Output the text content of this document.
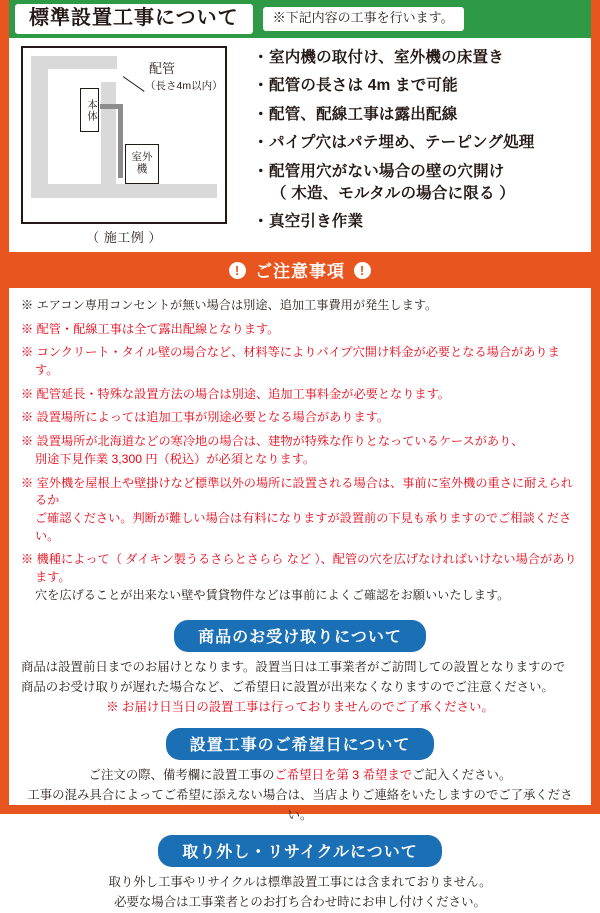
標準設置工事について	※下記内容の工事を行います。
本体
配管
（長さ4m以内）
室外機
（ 施工例 ）
・ 室内機の取付け、室外機の床置き
・ 配管の長さは 4m まで可能
・ 配管、配線工事は露出配線
・ パイプ穴はパテ埋め、テーピング処理
・ 配管用穴がない場合の壁の穴開け
（ 木造、モルタルの場合に限る ）
・ 真空引き作業
! ご注意事項 !
※ エアコン専用コンセントが無い場合は別途、追加工事費用が発生します。
※ 配管・配線工事は全て露出配線となります。
※ コンクリート・タイル壁の場合など、材料等によりパイプ穴開け料金が必要となる場合があります。
※ 配管延長・特殊な設置方法の場合は別途、追加工事料金が必要となります。
※ 設置場所によっては追加工事が別途必要となる場合があります。
※ 設置場所が北海道などの寒冷地の場合は、建物が特殊な作りとなっているケースがあり、
別途下見作業 3,300 円（税込）が必須となります。
※ 室外機を屋根上や壁掛けなど標準以外の場所に設置される場合は、事前に室外機の重さに耐えられるか
ご確認ください。判断が難しい場合は有料になりますが設置前の下見も承りますのでご相談ください。
※ 機種によって（ ダイキン製うるさらとさらら など ）、配管の穴を広げなければいけない場合があります。
穴を広げることが出来ない壁や賃貸物件などは事前によくご確認をお願いいたします。
商品のお受け取りについて
商品は設置前日までのお届けとなります。設置当日は工事業者がご訪問しての設置となりますので
商品のお受け取りが遅れた場合など、ご希望日に設置が出来なくなりますのでご注意ください。
※ お届け日当日の設置工事は行っておりませんのでご了承ください。
設置工事のご希望日について
ご注文の際、備考欄に設置工事のご希望日を第 3 希望までご記入ください。
工事の混み具合によってご希望に添えない場合は、当店よりご連絡をいたしますのでご了承ください。
取り外し・リサイクルについて
取り外し工事やリサイクルは標準設置工事には含まれておりません。
必要な場合は工事業者とのお打ち合わせ時にお申し付けください。
